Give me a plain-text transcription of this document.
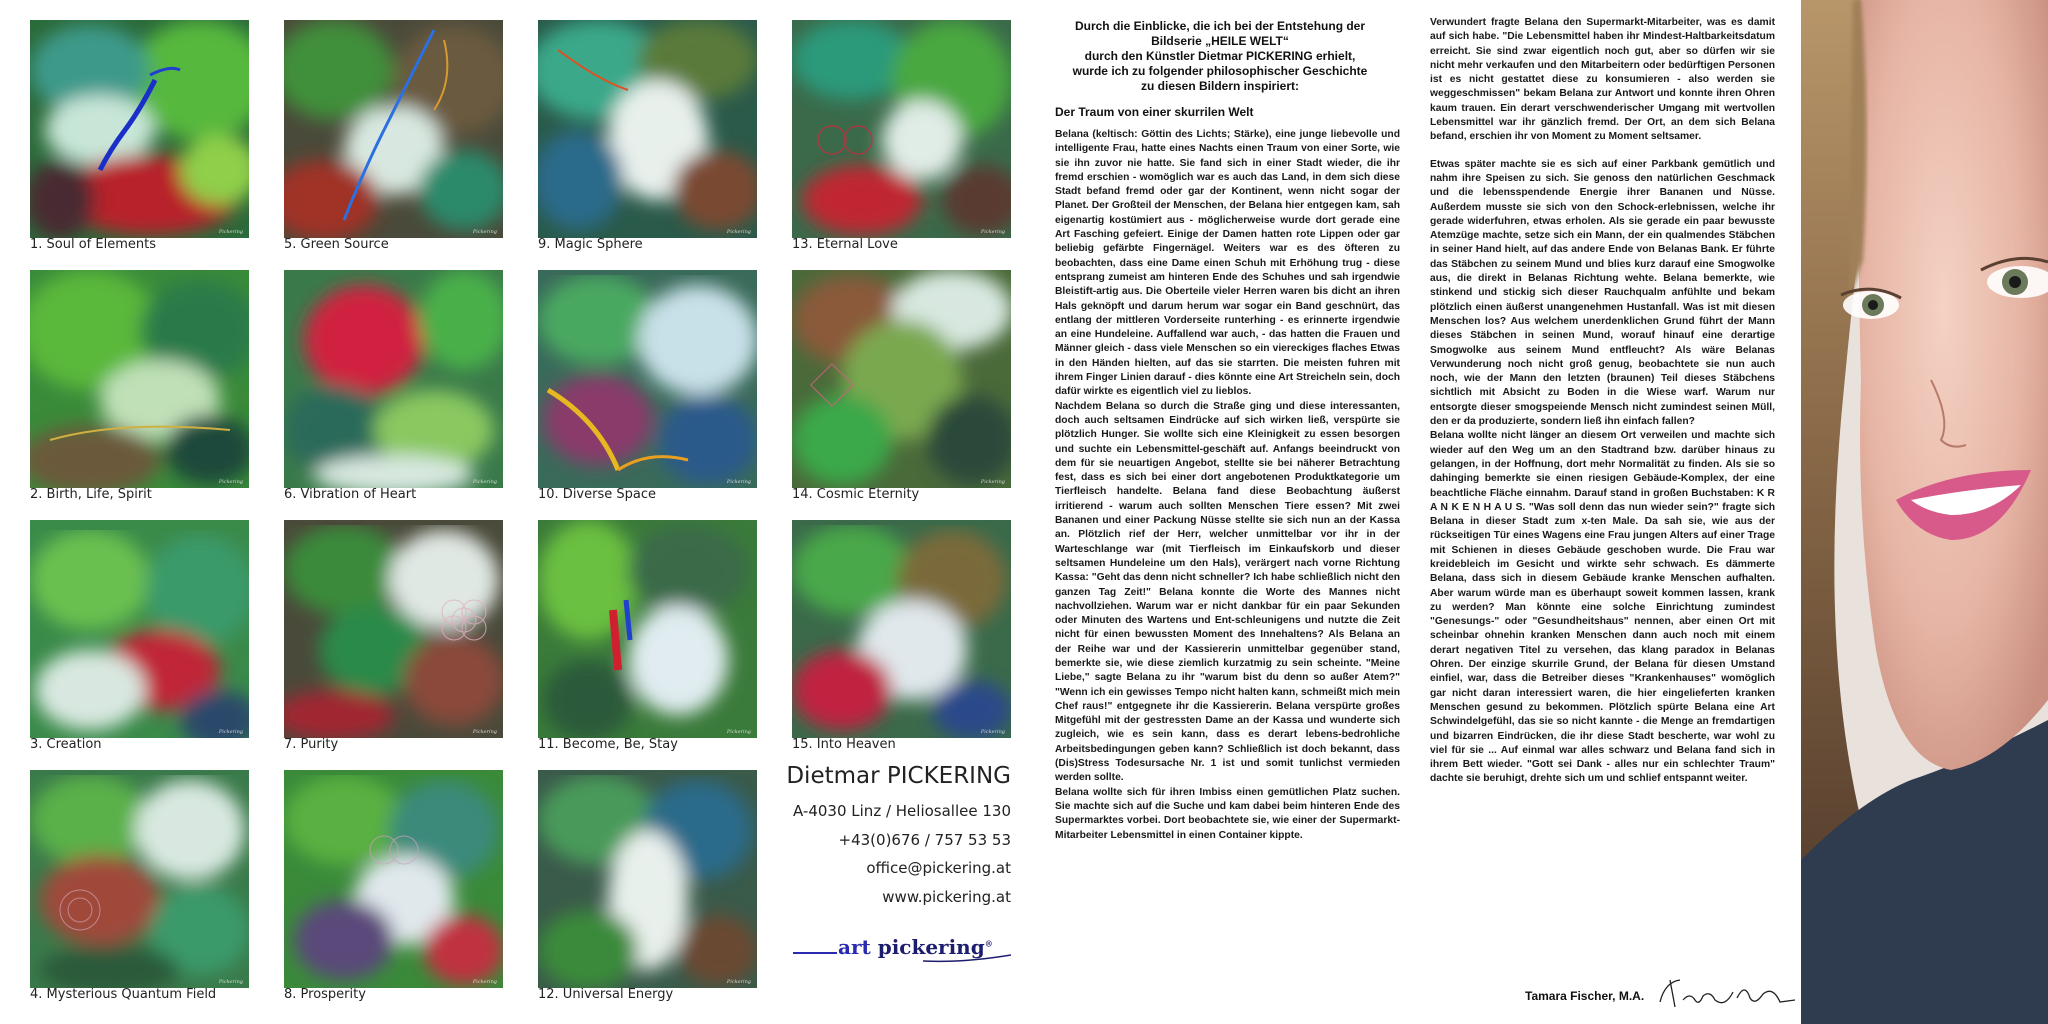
Pickering
1. Soul of Elements
Pickering
5. Green Source
Pickering
9. Magic Sphere
Pickering
13. Eternal Love
Pickering
2. Birth, Life, Spirit
Pickering
6. Vibration of Heart
Pickering
10. Diverse Space
Pickering
14. Cosmic Eternity
Pickering
3. Creation
Pickering
7. Purity
Pickering
11. Become, Be, Stay
Pickering
15. Into Heaven
Pickering
4. Mysterious Quantum Field
Pickering
8. Prosperity
Pickering
12. Universal Energy
Dietmar PICKERING
A-4030 Linz / Heliosallee 130
+43(0)676 / 757 53 53
office@pickering.at
www.pickering.at
art pickering®
Durch die Einblicke, die ich bei der Entstehung der
Bildserie „HEILE WELT“
durch den Künstler Dietmar PICKERING erhielt,
wurde ich zu folgender philosophischer Geschichte
zu diesen Bildern inspiriert:
Der Traum von einer skurrilen Welt

Belana (keltisch: Göttin des Lichts; Stärke), eine junge liebevolle und intelligente Frau, hatte eines Nachts einen Traum von einer Sorte, wie sie ihn zuvor nie hatte. Sie fand sich in einer Stadt wieder, die ihr fremd erschien - womöglich war es auch das Land, in dem sich diese Stadt befand fremd oder gar der Kontinent, wenn nicht sogar der Planet. Der Großteil der Menschen, der Belana hier entgegen kam, sah eigenartig kostümiert aus - möglicherweise wurde dort gerade eine Art Fasching gefeiert. Einige der Damen hatten rote Lippen oder gar beliebig gefärbte Fingernägel. Weiters war es des öfteren zu beobachten, dass eine Dame einen Schuh mit Erhöhung trug - diese entsprang zumeist am hinteren Ende des Schuhes und sah irgendwie Bleistift-artig aus. Die Oberteile vieler Herren waren bis dicht an ihren Hals geknöpft und darum herum war sogar ein Band geschnürt, das entlang der mittleren Vorderseite runterhing - es erinnerte irgendwie an eine Hundeleine. Auffallend war auch, - das hatten die Frauen und Männer gleich - dass viele Menschen so ein viereckiges flaches Etwas in den Händen hielten, auf das sie starrten. Die meisten fuhren mit ihrem Finger Linien darauf - dies könnte eine Art Streicheln sein, doch dafür wirkte es eigentlich viel zu lieblos.

Nachdem Belana so durch die Straße ging und diese interessanten, doch auch seltsamen Eindrücke auf sich wirken ließ, verspürte sie plötzlich Hunger. Sie wollte sich eine Kleinigkeit zu essen besorgen und suchte ein Lebensmittel-geschäft auf. Anfangs beeindruckt von dem für sie neuartigen Angebot, stellte sie bei näherer Betrachtung fest, dass es sich bei einer dort angebotenen Produktkategorie um Tierfleisch handelte. Belana fand diese Beobachtung äußerst irritierend - warum auch sollten Menschen Tiere essen? Mit zwei Bananen und einer Packung Nüsse stellte sie sich nun an der Kassa an. Plötzlich rief der Herr, welcher unmittelbar vor ihr in der Warteschlange war (mit Tierfleisch im Einkaufskorb und dieser seltsamen Hundeleine um den Hals), verärgert nach vorne Richtung Kassa: "Geht das denn nicht schneller? Ich habe schließlich nicht den ganzen Tag Zeit!" Belana konnte die Worte des Mannes nicht nachvollziehen. Warum war er nicht dankbar für ein paar Sekunden oder Minuten des Wartens und Ent-schleunigens und nutzte die Zeit nicht für einen bewussten Moment des Innehaltens? Als Belana an der Reihe war und der Kassiererin unmittelbar gegenüber stand, bemerkte sie, wie diese ziemlich kurzatmig zu sein scheinte. "Meine Liebe," sagte Belana zu ihr "warum bist du denn so außer Atem?" "Wenn ich ein gewisses Tempo nicht halten kann, schmeißt mich mein Chef raus!" entgegnete ihr die Kassiererin. Belana verspürte großes Mitgefühl mit der gestressten Dame an der Kassa und wunderte sich zugleich, wie es sein kann, dass es derart lebens-bedrohliche Arbeitsbedingungen geben kann? Schließlich ist doch bekannt, dass (Dis)Stress Todesursache Nr. 1 ist und somit tunlichst vermieden werden sollte.

Belana wollte sich für ihren Imbiss einen gemütlichen Platz suchen. Sie machte sich auf die Suche und kam dabei beim hinteren Ende des Supermarktes vorbei. Dort beobachtete sie, wie einer der Supermarkt-Mitarbeiter Lebensmittel in einen Container kippte.

Verwundert fragte Belana den Supermarkt-Mitarbeiter, was es damit auf sich habe. "Die Lebensmittel haben ihr Mindest-Haltbarkeitsdatum erreicht. Sie sind zwar eigentlich noch gut, aber so dürfen wir sie nicht mehr verkaufen und den Mitarbeitern oder bedürftigen Personen ist es nicht gestattet diese zu konsumieren - also werden sie weggeschmissen" bekam Belana zur Antwort und konnte ihren Ohren kaum trauen. Ein derart verschwenderischer Umgang mit wertvollen Lebensmittel war ihr gänzlich fremd. Der Ort, an dem sich Belana befand, erschien ihr von Moment zu Moment seltsamer.

Etwas später machte sie es sich auf einer Parkbank gemütlich und nahm ihre Speisen zu sich. Sie genoss den natürlichen Geschmack und die lebensspendende Energie ihrer Bananen und Nüsse. Außerdem musste sie sich von den Schock-erlebnissen, welche ihr gerade widerfuhren, etwas erholen. Als sie gerade ein paar bewusste Atemzüge machte, setze sich ein Mann, der ein qualmendes Stäbchen in seiner Hand hielt, auf das andere Ende von Belanas Bank. Er führte das Stäbchen zu seinem Mund und blies kurz darauf eine Smogwolke aus, die direkt in Belanas Richtung wehte. Belana bemerkte, wie stinkend und stickig sich dieser Rauchqualm anfühlte und bekam plötzlich einen äußerst unangenehmen Hustanfall. Was ist mit diesen Menschen los? Aus welchem unerdenklichen Grund führt der Mann dieses Stäbchen in seinen Mund, worauf hinauf eine derartige Smogwolke aus seinem Mund entfleucht? Als wäre Belanas Verwunderung noch nicht groß genug, beobachtete sie nun auch noch, wie der Mann den letzten (braunen) Teil dieses Stäbchens sichtlich mit Absicht zu Boden in die Wiese warf. Warum nur entsorgte dieser smogspeiende Mensch nicht zumindest seinen Müll, den er da produzierte, sondern ließ ihn einfach fallen?

Belana wollte nicht länger an diesem Ort verweilen und machte sich wieder auf den Weg um an den Stadtrand bzw. darüber hinaus zu gelangen, in der Hoffnung, dort mehr Normalität zu finden. Als sie so dahinging bemerkte sie einen riesigen Gebäude-Komplex, der eine beachtliche Fläche einnahm. Darauf stand in großen Buchstaben: K R A N K E N H A U S. "Was soll denn das nun wieder sein?" fragte sich Belana in dieser Stadt zum x-ten Male. Da sah sie, wie aus der rückseitigen Tür eines Wagens eine Frau jungen Alters auf einer Trage mit Schienen in dieses Gebäude geschoben wurde. Die Frau war kreidebleich im Gesicht und wirkte sehr schwach. Es dämmerte Belana, dass sich in diesem Gebäude kranke Menschen aufhalten. Aber warum würde man es überhaupt soweit kommen lassen, krank zu werden? Man könnte eine solche Einrichtung zumindest "Genesungs-" oder "Gesundheitshaus" nennen, aber einen Ort mit scheinbar ohnehin kranken Menschen dann auch noch mit einem derart negativen Titel zu versehen, das klang paradox in Belanas Ohren. Der einzige skurrile Grund, der Belana für diesen Umstand einfiel, war, dass die Betreiber dieses "Krankenhauses" womöglich gar nicht daran interessiert waren, die hier eingelieferten kranken Menschen gesund zu bekommen. Plötzlich spürte Belana eine Art Schwindelgefühl, das sie so nicht kannte - die Menge an fremdartigen und bizarren Eindrücken, die ihr diese Stadt bescherte, war wohl zu viel für sie ... Auf einmal war alles schwarz und Belana fand sich in ihrem Bett wieder. "Gott sei Dank - alles nur ein schlechter Traum" dachte sie beruhigt, drehte sich um und schlief entspannt weiter.

Tamara Fischer, M.A.
